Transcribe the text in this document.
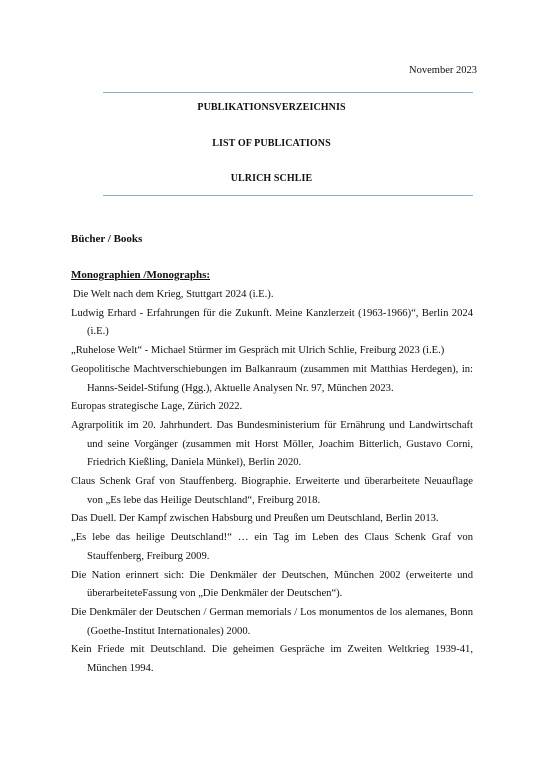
November 2023
PUBLIKATIONSVERZEICHNIS
LIST OF PUBLICATIONS
ULRICH SCHLIE
Bücher / Books
Monographien /Monographs:
Die Welt nach dem Krieg, Stuttgart 2024 (i.E.).
Ludwig Erhard - Erfahrungen für die Zukunft. Meine Kanzlerzeit (1963-1966)“, Berlin 2024 (i.E.)
„Ruhelose Welt“ - Michael Stürmer im Gespräch mit Ulrich Schlie, Freiburg 2023 (i.E.)
Geopolitische Machtverschiebungen im Balkanraum (zusammen mit Matthias Herdegen), in: Hanns-Seidel-Stifung (Hgg.), Aktuelle Analysen Nr. 97, München 2023.
Europas strategische Lage, Zürich 2022.
Agrarpolitik im 20. Jahrhundert. Das Bundesministerium für Ernährung und Landwirtschaft und seine Vorgänger (zusammen mit Horst Möller, Joachim Bitterlich, Gustavo Corni, Friedrich Kießling, Daniela Münkel), Berlin 2020.
Claus Schenk Graf von Stauffenberg. Biographie. Erweiterte und überarbeitete Neuauflage von „Es lebe das Heilige Deutschland“, Freiburg 2018.
Das Duell. Der Kampf zwischen Habsburg und Preußen um Deutschland, Berlin 2013.
„Es lebe das heilige Deutschland!“ … ein Tag im Leben des Claus Schenk Graf von Stauffenberg, Freiburg 2009.
Die Nation erinnert sich: Die Denkmäler der Deutschen, München 2002 (erweiterte und überarbeiteteFassung von „Die Denkmäler der Deutschen“).
Die Denkmäler der Deutschen / German memorials / Los monumentos de los alemanes, Bonn (Goethe-Institut Internationales) 2000.
Kein Friede mit Deutschland. Die geheimen Gespräche im Zweiten Weltkrieg 1939-41, München 1994.
